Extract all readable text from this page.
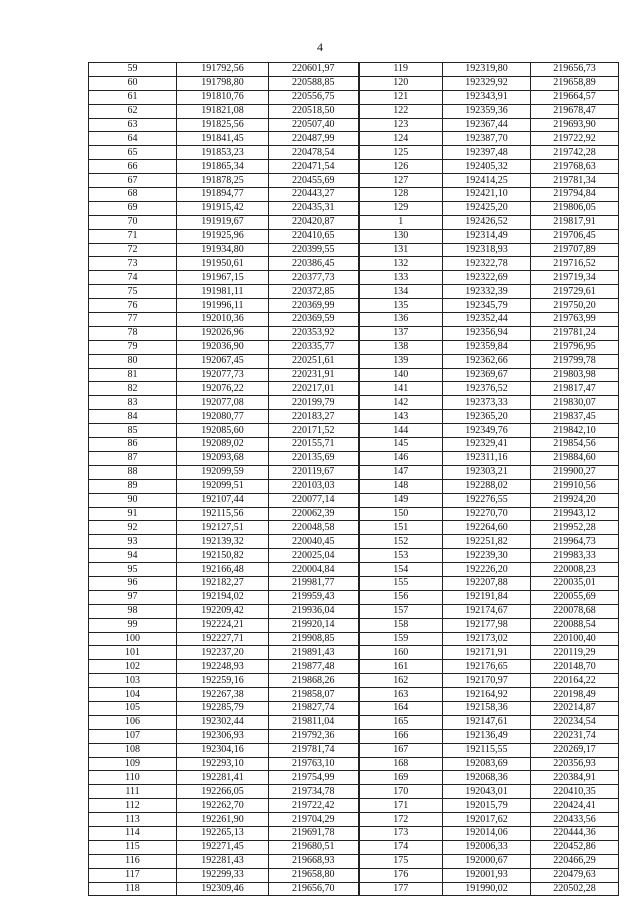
4
59	191792,56	220601,97	119	192319,80	219656,73
60	191798,80	220588,85	120	192329,92	219658,89
61	191810,76	220556,75	121	192343,91	219664,57
62	191821,08	220518,50	122	192359,36	219678,47
63	191825,56	220507,40	123	192367,44	219693,90
64	191841,45	220487,99	124	192387,70	219722,92
65	191853,23	220478,54	125	192397,48	219742,28
66	191865,34	220471,54	126	192405,32	219768,63
67	191878,25	220455,69	127	192414,25	219781,34
68	191894,77	220443,27	128	192421,10	219794,84
69	191915,42	220435,31	129	192425,20	219806,05
70	191919,67	220420,87	1	192426,52	219817,91
71	191925,96	220410,65	130	192314,49	219706,45
72	191934,80	220399,55	131	192318,93	219707,89
73	191950,61	220386,45	132	192322,78	219716,52
74	191967,15	220377,73	133	192322,69	219719,34
75	191981,11	220372,85	134	192332,39	219729,61
76	191996,11	220369,99	135	192345,79	219750,20
77	192010,36	220369,59	136	192352,44	219763,99
78	192026,96	220353,92	137	192356,94	219781,24
79	192036,90	220335,77	138	192359,84	219796,95
80	192067,45	220251,61	139	192362,66	219799,78
81	192077,73	220231,91	140	192369,67	219803,98
82	192076,22	220217,01	141	192376,52	219817,47
83	192077,08	220199,79	142	192373,33	219830,07
84	192080,77	220183,27	143	192365,20	219837,45
85	192085,60	220171,52	144	192349,76	219842,10
86	192089,02	220155,71	145	192329,41	219854,56
87	192093,68	220135,69	146	192311,16	219884,60
88	192099,59	220119,67	147	192303,21	219900,27
89	192099,51	220103,03	148	192288,02	219910,56
90	192107,44	220077,14	149	192276,55	219924,20
91	192115,56	220062,39	150	192270,70	219943,12
92	192127,51	220048,58	151	192264,60	219952,28
93	192139,32	220040,45	152	192251,82	219964,73
94	192150,82	220025,04	153	192239,30	219983,33
95	192166,48	220004,84	154	192226,20	220008,23
96	192182,27	219981,77	155	192207,88	220035,01
97	192194,02	219959,43	156	192191,84	220055,69
98	192209,42	219936,04	157	192174,67	220078,68
99	192224,21	219920,14	158	192177,98	220088,54
100	192227,71	219908,85	159	192173,02	220100,40
101	192237,20	219891,43	160	192171,91	220119,29
102	192248,93	219877,48	161	192176,65	220148,70
103	192259,16	219868,26	162	192170,97	220164,22
104	192267,38	219858,07	163	192164,92	220198,49
105	192285,79	219827,74	164	192158,36	220214,87
106	192302,44	219811,04	165	192147,61	220234,54
107	192306,93	219792,36	166	192136,49	220231,74
108	192304,16	219781,74	167	192115,55	220269,17
109	192293,10	219763,10	168	192083,69	220356,93
110	192281,41	219754,99	169	192068,36	220384,91
111	192266,05	219734,78	170	192043,01	220410,35
112	192262,70	219722,42	171	192015,79	220424,41
113	192261,90	219704,29	172	192017,62	220433,56
114	192265,13	219691,78	173	192014,06	220444,36
115	192271,45	219680,51	174	192006,33	220452,86
116	192281,43	219668,93	175	192000,67	220466,29
117	192299,33	219658,80	176	192001,93	220479,63
118	192309,46	219656,70	177	191990,02	220502,28
